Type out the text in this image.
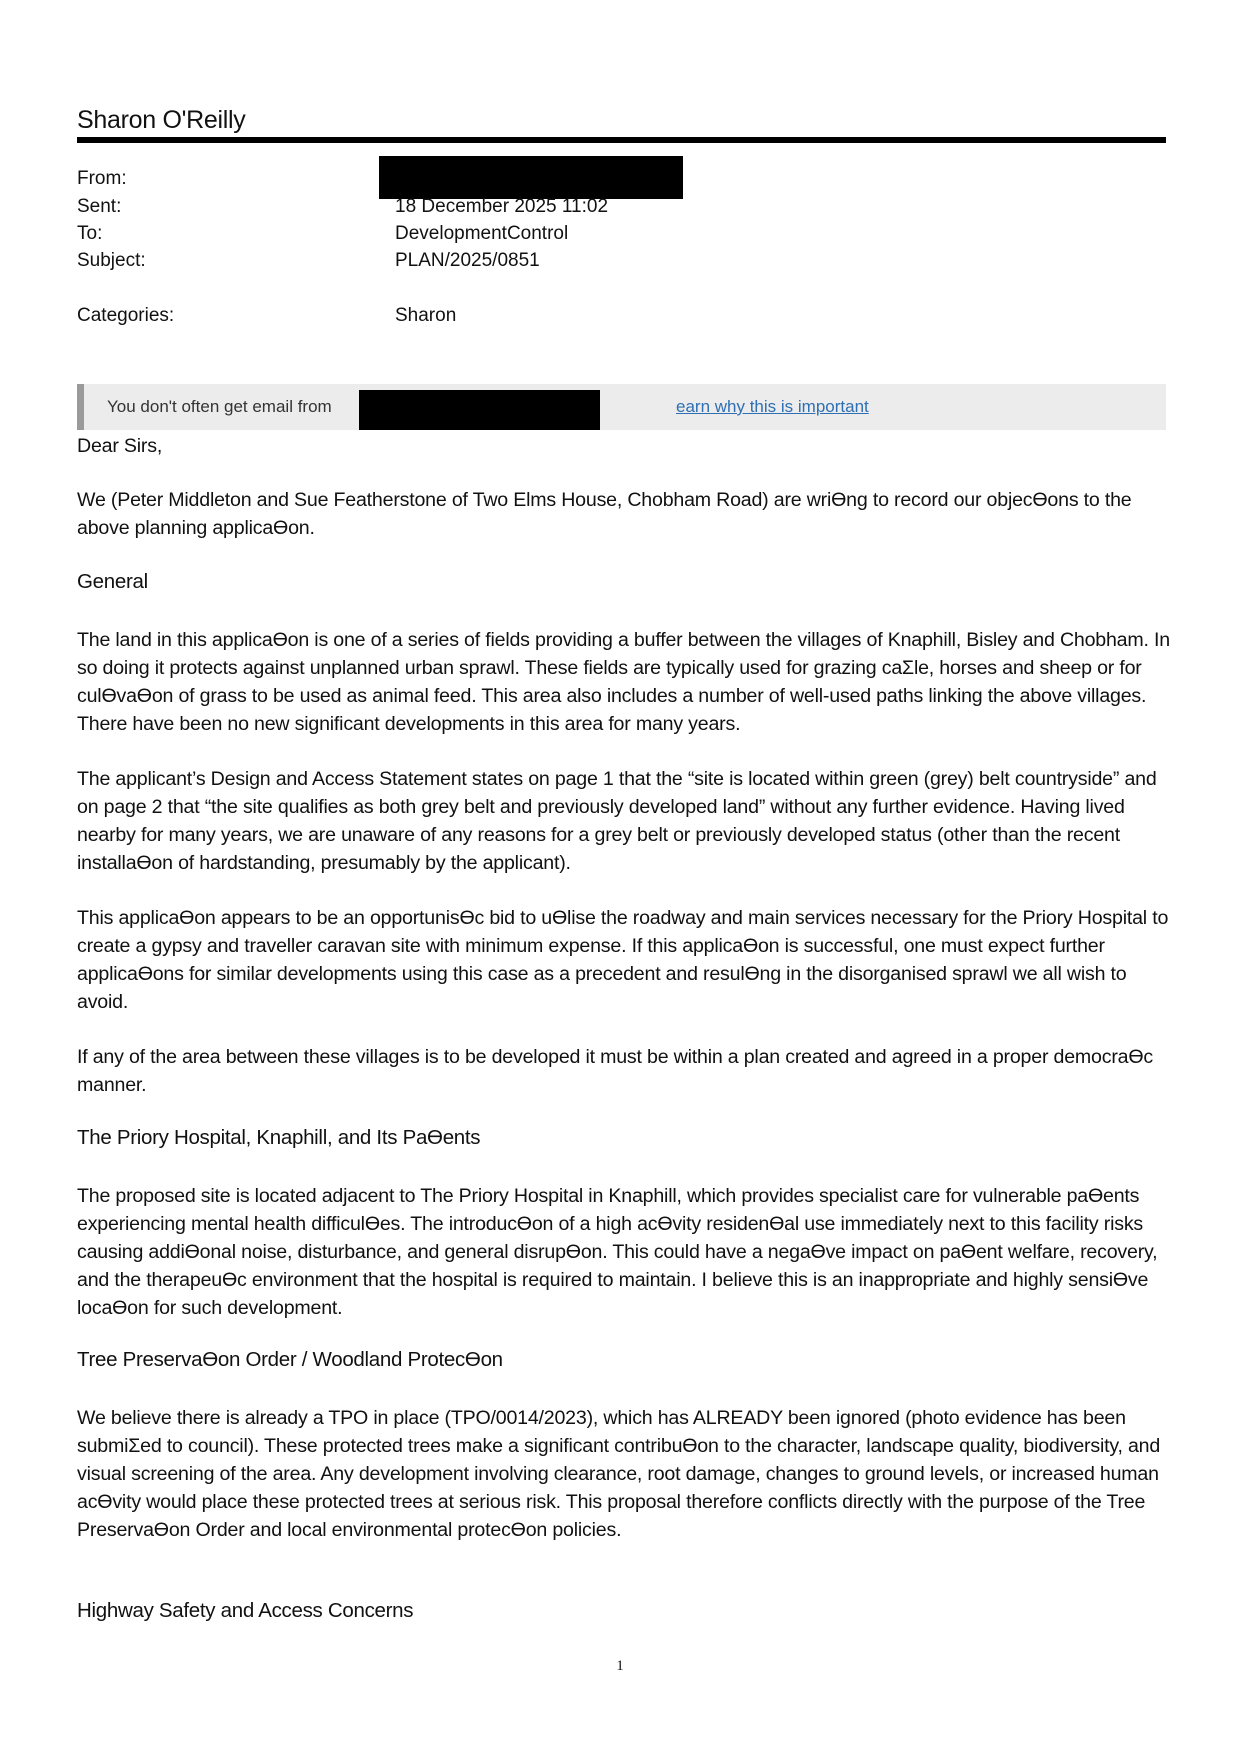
Sharon O'Reilly
From:
Sent:	18 December 2025 11:02
To:	DevelopmentControl
Subject:	PLAN/2025/0851
Categories:	Sharon
You don't often get email from	earn why this is important
Dear Sirs,
We (Peter Middleton and Sue Featherstone of Two Elms House, Chobham Road) are wriƟng to record our objecƟons to the above planning applicaƟon.
General
The land in this applicaƟon is one of a series of fields providing a buffer between the villages of Knaphill, Bisley and Chobham. In so doing it protects against unplanned urban sprawl. These fields are typically used for grazing caƩle, horses and sheep or for culƟvaƟon of grass to be used as animal feed. This area also includes a number of well-used paths linking the above villages. There have been no new significant developments in this area for many years.
The applicant’s Design and Access Statement states on page 1 that the “site is located within green (grey) belt countryside” and on page 2 that “the site qualifies as both grey belt and previously developed land” without any further evidence. Having lived nearby for many years, we are unaware of any reasons for a grey belt or previously developed status (other than the recent installaƟon of hardstanding, presumably by the applicant).
This applicaƟon appears to be an opportunisƟc bid to uƟlise the roadway and main services necessary for the Priory Hospital to create a gypsy and traveller caravan site with minimum expense. If this applicaƟon is successful, one must expect further applicaƟons for similar developments using this case as a precedent and resulƟng in the disorganised sprawl we all wish to avoid.
If any of the area between these villages is to be developed it must be within a plan created and agreed in a proper democraƟc manner.
The Priory Hospital, Knaphill, and Its PaƟents
The proposed site is located adjacent to The Priory Hospital in Knaphill, which provides specialist care for vulnerable paƟents experiencing mental health difficulƟes. The introducƟon of a high acƟvity residenƟal use immediately next to this facility risks causing addiƟonal noise, disturbance, and general disrupƟon. This could have a negaƟve impact on paƟent welfare, recovery, and the therapeuƟc environment that the hospital is required to maintain. I believe this is an inappropriate and highly sensiƟve locaƟon for such development.
Tree PreservaƟon Order / Woodland ProtecƟon
We believe there is already a TPO in place (TPO/0014/2023), which has ALREADY been ignored (photo evidence has been submiƩed to council). These protected trees make a significant contribuƟon to the character, landscape quality, biodiversity, and visual screening of the area. Any development involving clearance, root damage, changes to ground levels, or increased human acƟvity would place these protected trees at serious risk. This proposal therefore conflicts directly with the purpose of the Tree PreservaƟon Order and local environmental protecƟon policies.
Highway Safety and Access Concerns
1
